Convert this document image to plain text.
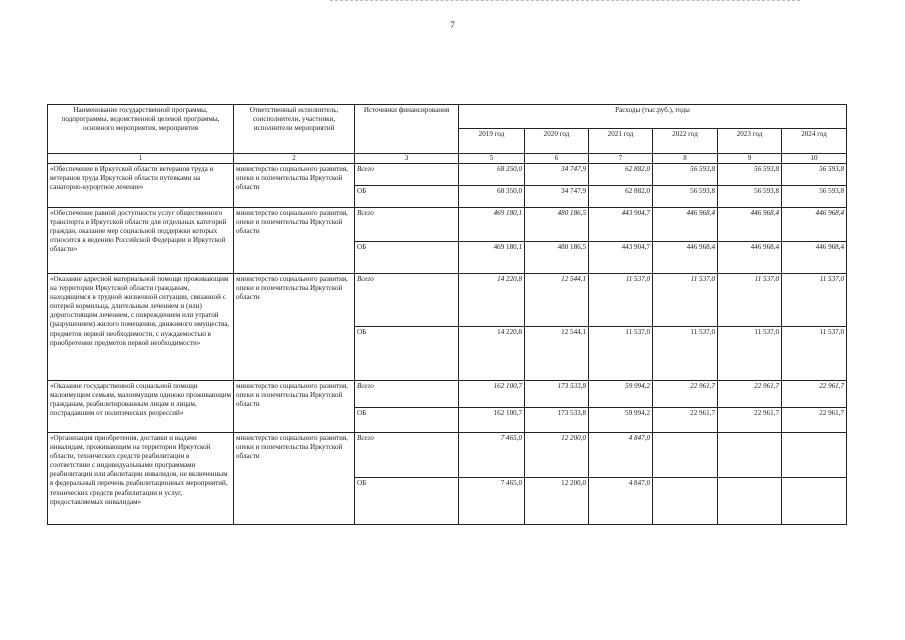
7
Наименование государственной программы, подпрограммы, ведомственной целевой программы, основного мероприятия, мероприятия	Ответственный исполнитель, соисполнители, участники, исполнители мероприятий	Источники финансирования	Расходы (тыс.руб.), годы					
			2019 год	2020 год	2021 год	2022 год	2023 год	2024 год
1	2	3	5	6	7	8	9	10
«Обеспечение в Иркутской области ветеранов труда и ветеранов труда Иркутской области путевками на санаторно-курортное лечение»	министерство социального развития, опеки и попечительства Иркутской области	Всего	68 350,0	34 747,9	62 882,0	56 593,8	56 593,8	56 593,8
		ОБ	68 350,0	34 747,9	62 882,0	56 593,8	56 593,8	56 593,8
«Обеспечение равной доступности услуг общественного транспорта в Иркутской области для отдельных категорий граждан, оказание мер социальной поддержки которых относится к ведению Российской Федерации и Иркутской области»	министерство социального развития, опеки и попечительства Иркутской области	Всего	469 180,1	480 186,5	443 904,7	446 968,4	446 968,4	446 968,4
		ОБ	469 180,1	480 186,5	443 904,7	446 968,4	446 968,4	446 968,4
«Оказание адресной материальной помощи проживающим на территории Иркутской области гражданам, находящимся в трудной жизненной ситуации, связанной с потерей кормильца, длительным лечением и (или) дорогостоящим лечением, с повреждением или утратой (разрушением) жилого помещения, движимого имущества, предметов первой необходимости, с нуждаемостью в приобретении предметов первой необходимости»	министерство социального развития, опеки и попечительства Иркутской области	Всего	14 220,8	12 544,1	11 537,0	11 537,0	11 537,0	11 537,0
		ОБ	14 220,8	12 544,1	11 537,0	11 537,0	11 537,0	11 537,0
«Оказание государственной социальной помощи малоимущим семьям, малоимущим одиноко проживающим гражданам, реабилитированным лицам и лицам, пострадавшим от политических репрессий»	министерство социального развития, опеки и попечительства Иркутской области	Всего	162 100,7	173 533,8	59 994,2	22 961,7	22 961,7	22 961,7
		ОБ	162 100,7	173 533,8	59 994,2	22 961,7	22 961,7	22 961,7
«Организация приобретения, доставки и выдачи инвалидам, проживающим на территории Иркутской области, технических средств реабилитации в соответствии с индивидуальными программами реабилитации или абилитации инвалидов, не включенным в федеральный перечень реабилитационных мероприятий, технических средств реабилитации и услуг, предоставляемых инвалидам»	министерство социального развития, опеки и попечительства Иркутской области	Всего	7 465,0	12 200,0	4 847,0			
		ОБ	7 465,0	12 200,0	4 847,0			
